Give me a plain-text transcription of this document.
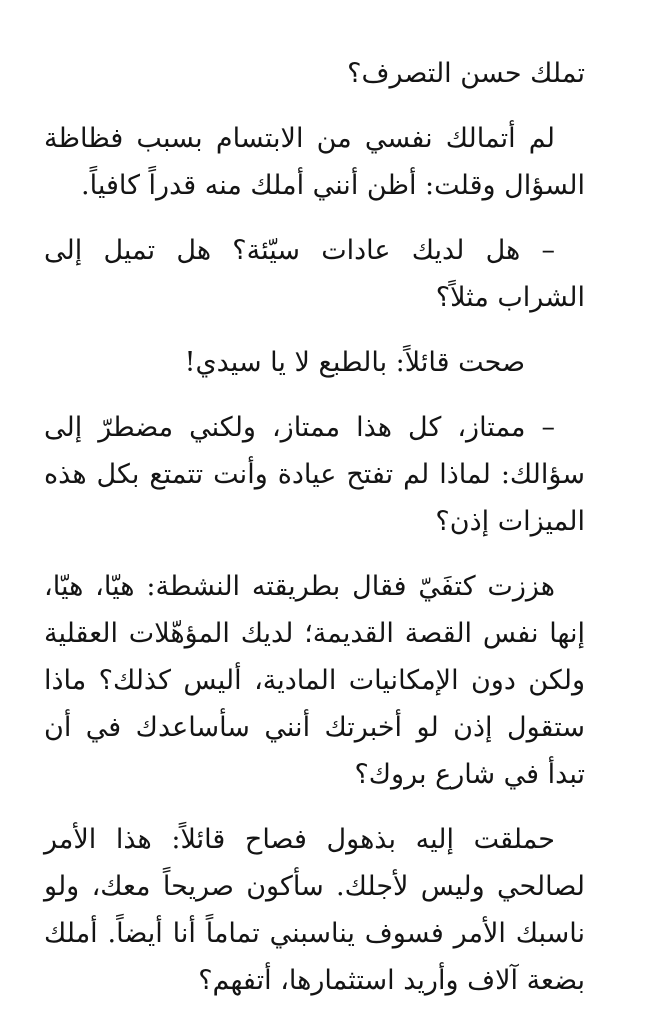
تملك حسن التصرف؟

لم أتمالك نفسي من الابتسام بسبب فظاظة السؤال وقلت: أظن أنني أملك منه قدراً كافياً.

– هل لديك عادات سيّئة؟ هل تميل إلى الشراب مثلاً؟

صحت قائلاً: بالطبع لا يا سيدي!

– ممتاز، كل هذا ممتاز، ولكني مضطرّ إلى سؤالك: لماذا لم تفتح عيادة وأنت تتمتع بكل هذه الميزات إذن؟

هززت كتفَيّ فقال بطريقته النشطة: هيّا، هيّا، إنها نفس القصة القديمة؛ لديك المؤهّلات العقلية ولكن دون الإمكانيات المادية، أليس كذلك؟ ماذا ستقول إذن لو أخبرتك أنني سأساعدك في أن تبدأ في شارع بروك؟

حملقت إليه بذهول فصاح قائلاً: هذا الأمر لصالحي وليس لأجلك. سأكون صريحاً معك، ولو ناسبك الأمر فسوف يناسبني تماماً أنا أيضاً. أملك بضعة آلاف وأريد استثمارها، أتفهم؟
